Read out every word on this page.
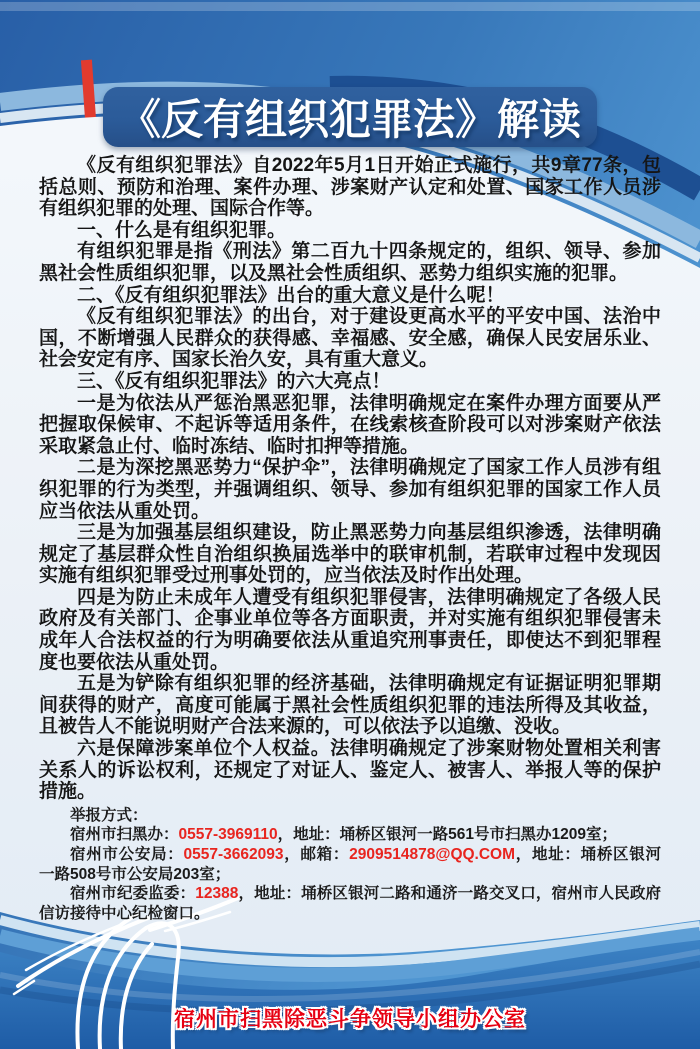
《反有组织犯罪法》解读

《反有组织犯罪法》自2022年5月1日开始正式施行，共9章77条，包括总则、预防和治理、案件办理、涉案财产认定和处置、国家工作人员涉有组织犯罪的处理、国际合作等。

一、什么是有组织犯罪。

有组织犯罪是指《刑法》第二百九十四条规定的，组织、领导、参加黑社会性质组织犯罪，以及黑社会性质组织、恶势力组织实施的犯罪。

二、《反有组织犯罪法》出台的重大意义是什么呢！

《反有组织犯罪法》的出台，对于建设更高水平的平安中国、法治中国，不断增强人民群众的获得感、幸福感、安全感，确保人民安居乐业、社会安定有序、国家长治久安，具有重大意义。

三、《反有组织犯罪法》的六大亮点！

一是为依法从严惩治黑恶犯罪，法律明确规定在案件办理方面要从严把握取保候审、不起诉等适用条件，在线索核查阶段可以对涉案财产依法采取紧急止付、临时冻结、临时扣押等措施。

二是为深挖黑恶势力“保护伞”，法律明确规定了国家工作人员涉有组织犯罪的行为类型，并强调组织、领导、参加有组织犯罪的国家工作人员应当依法从重处罚。

三是为加强基层组织建设，防止黑恶势力向基层组织渗透，法律明确规定了基层群众性自治组织换届选举中的联审机制，若联审过程中发现因实施有组织犯罪受过刑事处罚的，应当依法及时作出处理。

四是为防止未成年人遭受有组织犯罪侵害，法律明确规定了各级人民政府及有关部门、企事业单位等各方面职责，并对实施有组织犯罪侵害未成年人合法权益的行为明确要依法从重追究刑事责任，即使达不到犯罪程度也要依法从重处罚。

五是为铲除有组织犯罪的经济基础，法律明确规定有证据证明犯罪期间获得的财产，高度可能属于黑社会性质组织犯罪的违法所得及其收益，且被告人不能说明财产合法来源的，可以依法予以追缴、没收。

六是保障涉案单位个人权益。法律明确规定了涉案财物处置相关利害关系人的诉讼权利，还规定了对证人、鉴定人、被害人、举报人等的保护措施。

举报方式：

宿州市扫黑办：0557-3969110，地址：埇桥区银河一路561号市扫黑办1209室；

宿州市公安局：0557-3662093，邮箱：2909514878@QQ.COM，地址：埇桥区银河一路508号市公安局203室；

宿州市纪委监委：12388，地址：埇桥区银河二路和通济一路交叉口，宿州市人民政府信访接待中心纪检窗口。

宿州市扫黑除恶斗争领导小组办公室
